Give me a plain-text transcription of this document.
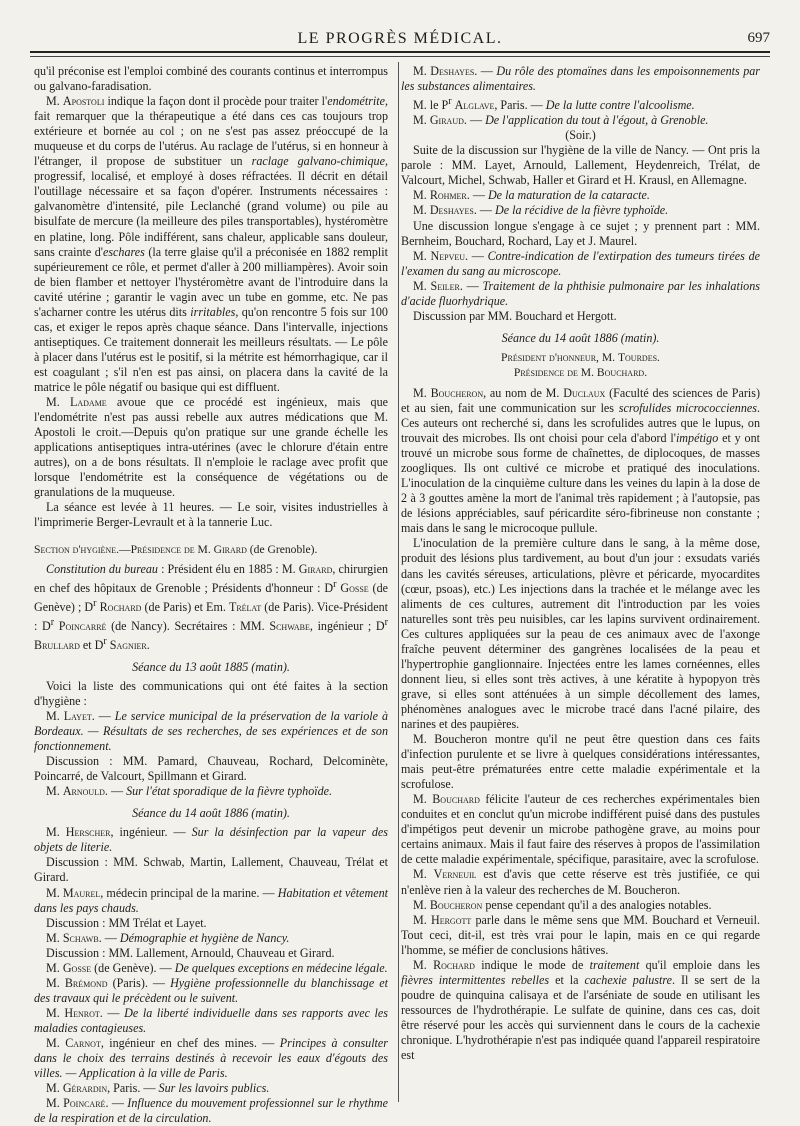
LE PROGRÈS MÉDICAL.	697

qu'il préconise est l'emploi combiné des courants continus et interrompus ou galvano-faradisation.

M. Apostoli indique la façon dont il procède pour traiter l'endométrite, fait remarquer que la thérapeutique a été dans ces cas toujours trop extérieure et bornée au col ; on ne s'est pas assez préoccupé de la muqueuse et du corps de l'utérus. Au raclage de l'utérus, si en honneur à l'étranger, il propose de substituer un raclage galvano-chimique, progressif, localisé, et employé à doses réfractées. Il décrit en détail l'outillage nécessaire et sa façon d'opérer. Instruments nécessaires : galvanomètre d'intensité, pile Leclanché (grand volume) ou pile au bisulfate de mercure (la meilleure des piles transportables), hystéromètre en platine, long. Pôle indifférent, sans chaleur, applicable sans douleur, sans crainte d'eschares (la terre glaise qu'il a préconisée en 1882 remplit supérieurement ce rôle, et permet d'aller à 200 milliampères). Avoir soin de bien flamber et nettoyer l'hystéromètre avant de l'introduire dans la cavité utérine ; garantir le vagin avec un tube en gomme, etc. Ne pas s'acharner contre les utérus dits irritables, qu'on rencontre 5 fois sur 100 cas, et exiger le repos après chaque séance. Dans l'intervalle, injections antiseptiques. Ce traitement donnerait les meilleurs résultats. — Le pôle à placer dans l'utérus est le positif, si la métrite est hémorrhagique, car il est coagulant ; s'il n'en est pas ainsi, on placera dans la cavité de la matrice le pôle négatif ou basique qui est diffluent.

M. Ladame avoue que ce procédé est ingénieux, mais que l'endométrite n'est pas aussi rebelle aux autres médications que M. Apostoli le croit.—Depuis qu'on pratique sur une grande échelle les applications antiseptiques intra-utérines (avec le chlorure d'étain entre autres), on a de bons résultats. Il n'emploie le raclage avec profit que lorsque l'endométrite est la conséquence de végétations ou de granulations de la muqueuse.

La séance est levée à 11 heures. — Le soir, visites industrielles à l'imprimerie Berger-Levrault et à la tannerie Luc.

Section d'hygiène.—Présidence de M. Girard (de Grenoble).

Constitution du bureau : Président élu en 1885 : M. Girard, chirurgien en chef des hôpitaux de Grenoble ; Présidents d'honneur : $D^r$ Gosse (de Genève) ; $D^r$ Rochard (de Paris) et Em. Trélat (de Paris). Vice-Président : $D^r$ Poincarré (de Nancy). Secrétaires : MM. Schwabe, ingénieur ; $D^r$ Brullard et $D^r$ Sagnier.

Séance du 13 août 1885 (matin).

Voici la liste des communications qui ont été faites à la section d'hygiène :

M. Layet. — Le service municipal de la préservation de la variole à Bordeaux. — Résultats de ses recherches, de ses expériences et de son fonctionnement.

Discussion : MM. Pamard, Chauveau, Rochard, Delcominète, Poincarré, de Valcourt, Spillmann et Girard.

M. Arnould. — Sur l'état sporadique de la fièvre typhoïde.

Séance du 14 août 1886 (matin).

M. Herscher, ingénieur. — Sur la désinfection par la vapeur des objets de literie.

Discussion : MM. Schwab, Martin, Lallement, Chauveau, Trélat et Girard.

M. Maurel, médecin principal de la marine. — Habitation et vêtement dans les pays chauds.

Discussion : MM Trélat et Layet.

M. Schawb. — Démographie et hygiène de Nancy.

Discussion : MM. Lallement, Arnould, Chauveau et Girard.

M. Gosse (de Genève). — De quelques exceptions en médecine légale.

M. Brémond (Paris). — Hygiène professionnelle du blanchissage et des travaux qui le précèdent ou le suivent.

M. Henrot. — De la liberté individuelle dans ses rapports avec les maladies contagieuses.

M. Carnot, ingénieur en chef des mines. — Principes à consulter dans le choix des terrains destinés à recevoir les eaux d'égouts des villes. — Application à la ville de Paris.

M. Gérardin, Paris. — Sur les lavoirs publics.

M. Poincaré. — Influence du mouvement professionnel sur le rhythme de la respiration et de la circulation.

M. Deshayes. — Du rôle des ptomaïnes dans les empoisonnements par les substances alimentaires.

M. le $P^r$ Alglave, Paris. — De la lutte contre l'alcoolisme.

M. Giraud. — De l'application du tout à l'égout, à Grenoble.

(Soir.)

Suite de la discussion sur l'hygiène de la ville de Nancy. — Ont pris la parole : MM. Layet, Arnould, Lallement, Heydenreich, Trélat, de Valcourt, Michel, Schwab, Haller et Girard et H. Krausl, en Allemagne.

M. Rohmer. — De la maturation de la cataracte.

M. Deshayes. — De la récidive de la fièvre typhoïde.

Une discussion longue s'engage à ce sujet ; y prennent part : MM. Bernheim, Bouchard, Rochard, Lay et J. Maurel.

M. Nepveu. — Contre-indication de l'extirpation des tumeurs tirées de l'examen du sang au microscope.

M. Seiler. — Traitement de la phthisie pulmonaire par les inhalations d'acide fluorhydrique.

Discussion par MM. Bouchard et Hergott.

Séance du 14 août 1886 (matin).

Président d'honneur, M. Tourdes.

Présidence de M. Bouchard.

M. Boucheron, au nom de M. Duclaux (Faculté des sciences de Paris) et au sien, fait une communication sur les scrofulides micrococciennes. Ces auteurs ont recherché si, dans les scrofulides autres que le lupus, on trouvait des microbes. Ils ont choisi pour cela d'abord l'impétigo et y ont trouvé un microbe sous forme de chaînettes, de diplocoques, de masses zoogliques. Ils ont cultivé ce microbe et pratiqué des inoculations. L'inoculation de la cinquième culture dans les veines du lapin à la dose de 2 à 3 gouttes amène la mort de l'animal très rapidement ; à l'autopsie, pas de lésions appréciables, sauf péricardite séro-fibrineuse non constante ; mais dans le sang le microcoque pullule.

L'inoculation de la première culture dans le sang, à la même dose, produit des lésions plus tardivement, au bout d'un jour : exsudats variés dans les cavités séreuses, articulations, plèvre et péricarde, myocardites (cœur, psoas), etc.) Les injections dans la trachée et le mélange avec les aliments de ces cultures, autrement dit l'introduction par les voies naturelles sont très peu nuisibles, car les lapins survivent ordinairement. Ces cultures appliquées sur la peau de ces animaux avec de l'axonge fraîche peuvent déterminer des gangrènes localisées de la peau et l'hypertrophie ganglionnaire. Injectées entre les lames cornéennes, elles donnent lieu, si elles sont très actives, à une kératite à hypopyon très grave, si elles sont atténuées à un simple décollement des lames, phénomènes analogues avec le microbe tracé dans l'acné pilaire, des narines et des paupières.

M. Boucheron montre qu'il ne peut être question dans ces faits d'infection purulente et se livre à quelques considérations intéressantes, mais peut-être prématurées entre cette maladie expérimentale et la scrofulose.

M. Bouchard félicite l'auteur de ces recherches expérimentales bien conduites et en conclut qu'un microbe indifférent puisé dans des pustules d'impétigos peut devenir un microbe pathogène grave, au moins pour certains animaux. Mais il faut faire des réserves à propos de l'assimilation de cette maladie expérimentale, spécifique, parasitaire, avec la scrofulose.

M. Verneuil est d'avis que cette réserve est très justifiée, ce qui n'enlève rien à la valeur des recherches de M. Boucheron.

M. Boucheron pense cependant qu'il a des analogies notables.

M. Hergott parle dans le même sens que MM. Bouchard et Verneuil. Tout ceci, dit-il, est très vrai pour le lapin, mais en ce qui regarde l'homme, se méfier de conclusions hâtives.

M. Rochard indique le mode de traitement qu'il emploie dans les fièvres intermittentes rebelles et la cachexie palustre. Il se sert de la poudre de quinquina calisaya et de l'arséniate de soude en utilisant les ressources de l'hydrothérapie. Le sulfate de quinine, dans ces cas, doit être réservé pour les accès qui surviennent dans le cours de la cachexie chronique. L'hydrothérapie n'est pas indiquée quand l'appareil respiratoire est
